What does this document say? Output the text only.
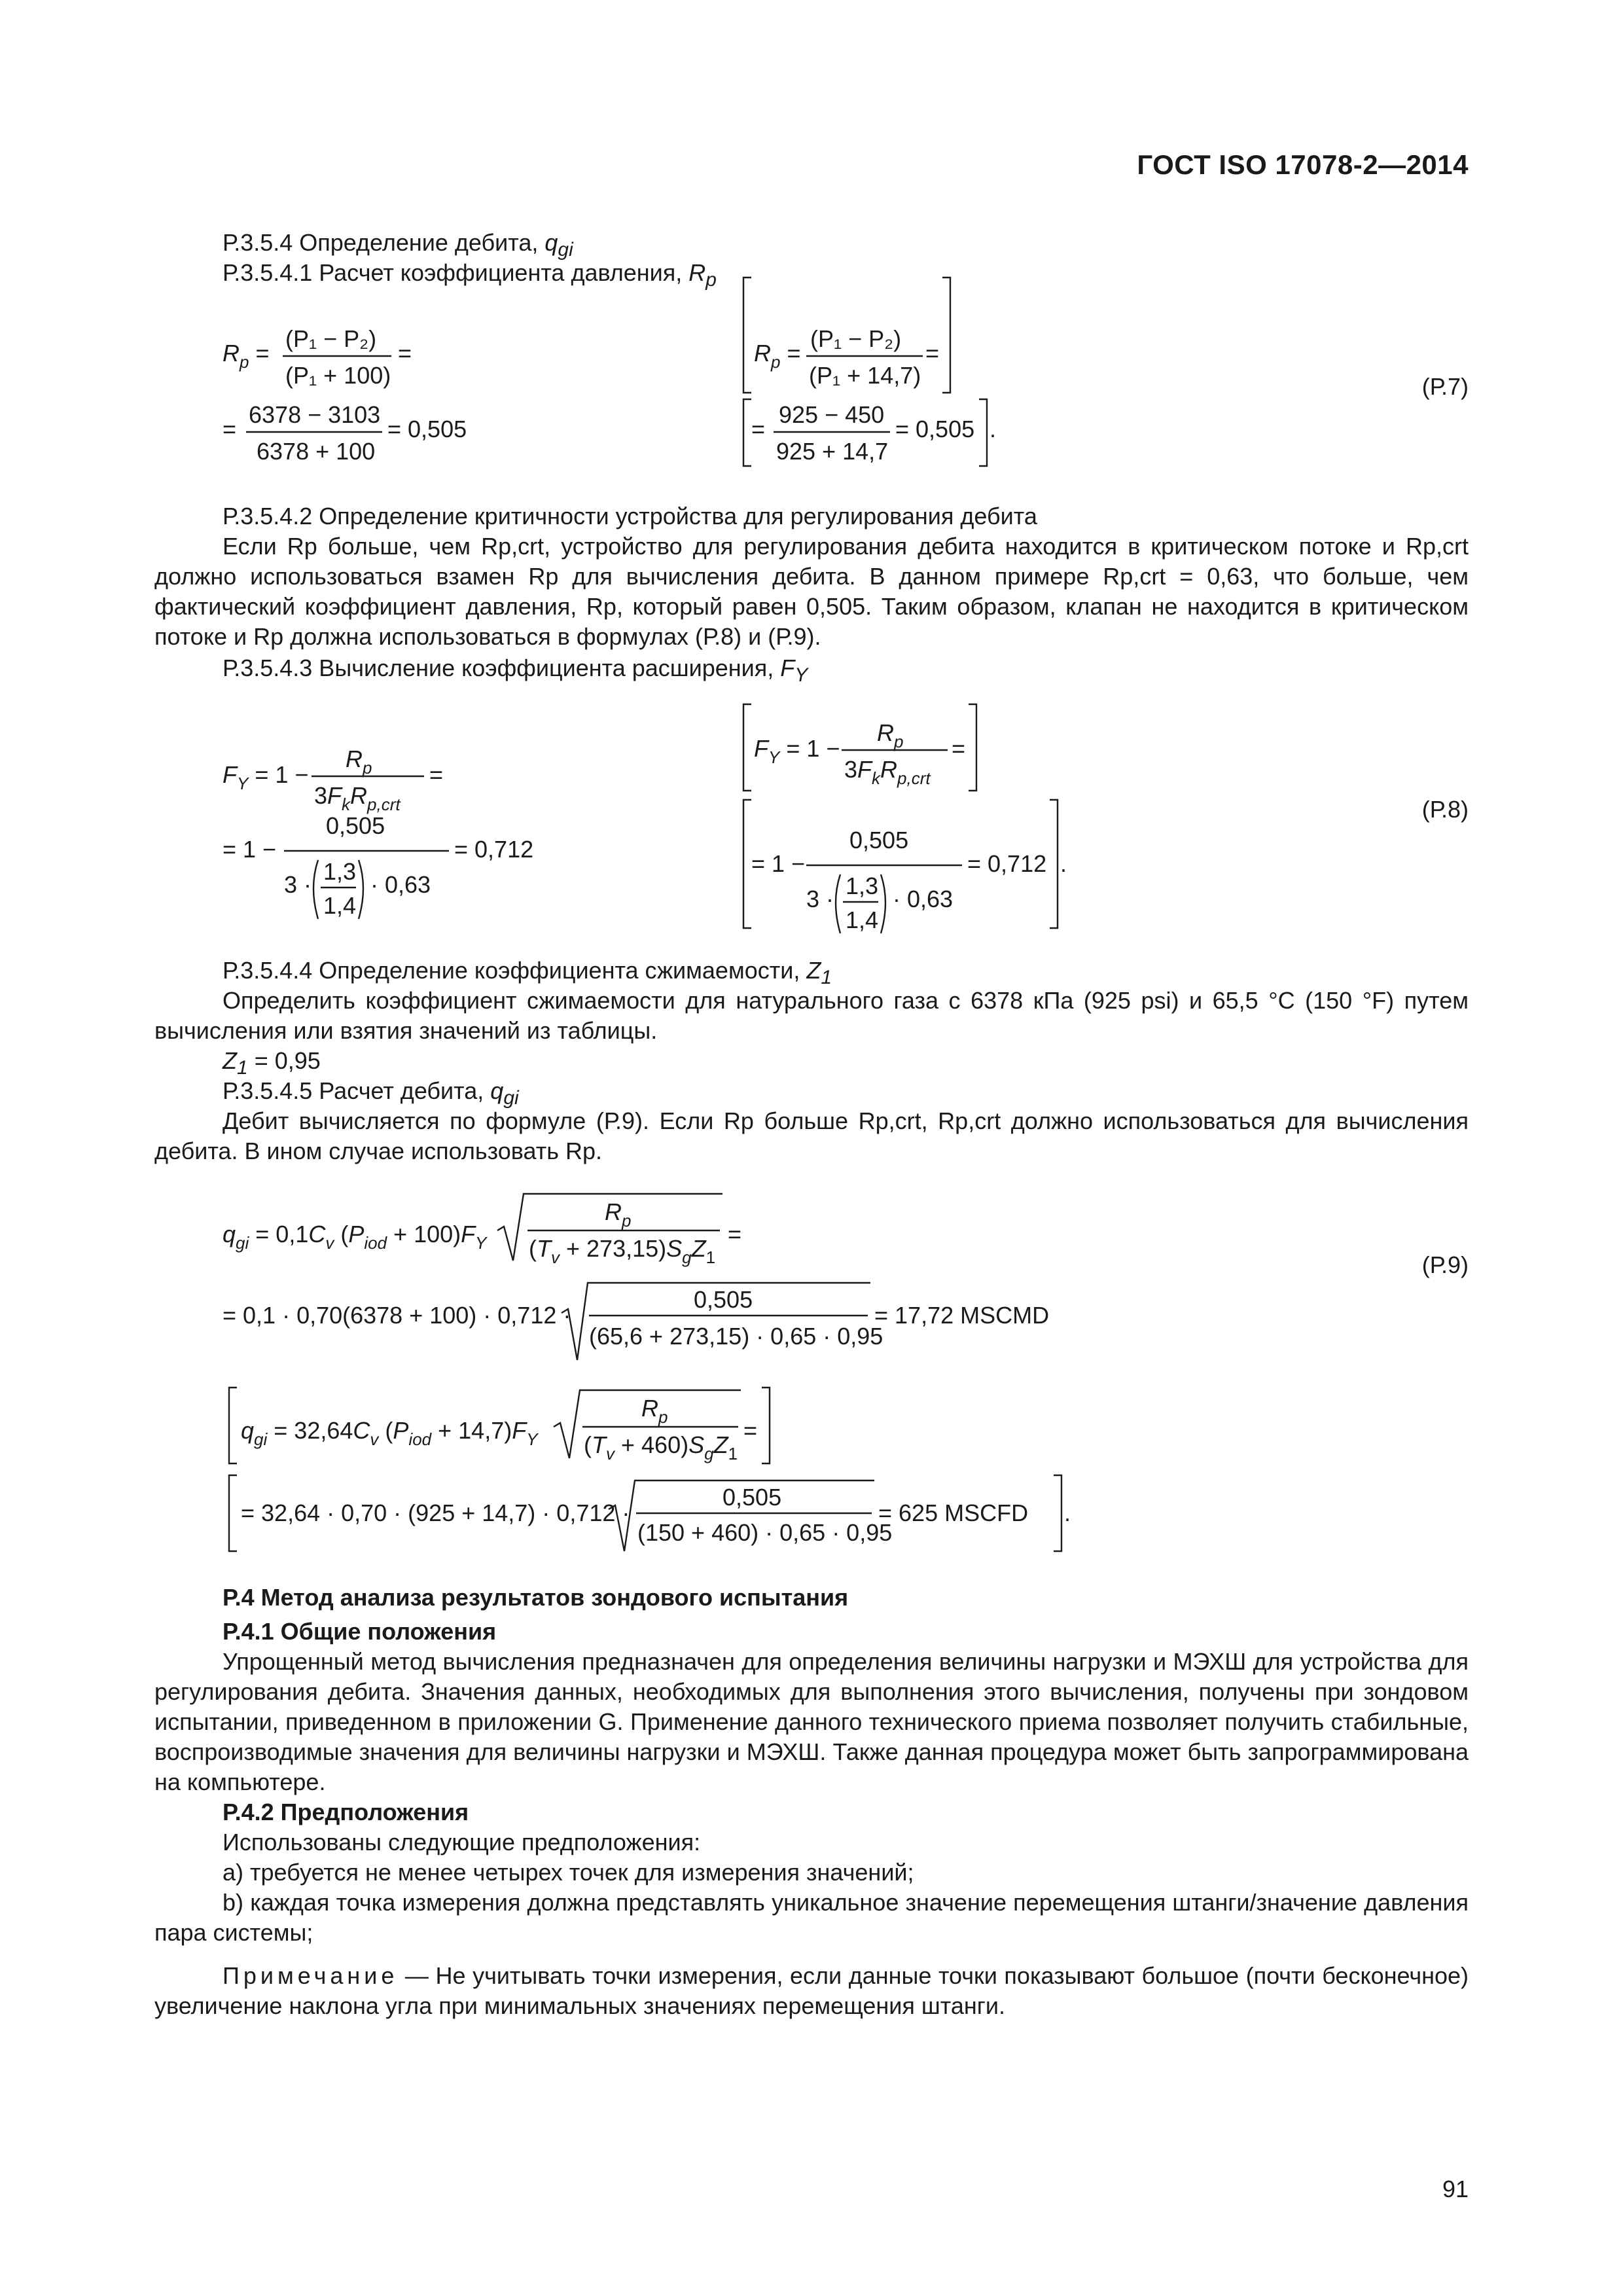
ГОСТ ISO 17078-2—2014
Р.3.5.4 Определение дебита, $q_{gi}$
Р.3.5.4.1 Расчет коэффициента давления, $R_p$
$R_p$ =
(P₁ − P₂)
(P₁ + 100)
=
=
6378 − 3103
6378 + 100
= 0,505
$R_p$ =
(P₁ − P₂)
(P₁ + 14,7)
=
=
925 − 450
925 + 14,7
= 0,505 .
(Р.7)
Р.3.5.4.2 Определение критичности устройства для регулирования дебита
Если Rp больше, чем Rp,crt, устройство для регулирования дебита находится в критическом потоке и Rp,crt должно использоваться взамен Rp для вычисления дебита. В данном примере Rp,crt = 0,63, что больше, чем фактический коэффициент давления, Rp, который равен 0,505. Таким образом, клапан не находится в критическом потоке и Rp должна использоваться в формулах (Р.8) и (Р.9).
Р.3.5.4.3 Вычисление коэффициента расширения, $F_Y$
$F_Y = 1$ −
$R_p$
$3F_kR_{p,crt}$
=
= 1 −
0,505
3 · 1,3
1,4
· 0,63
= 0,712
$F_Y = 1$ −
$R_p$
$3F_kR_{p,crt}$
=
= 1 −
0,505
3 · 1,3
1,4
· 0,63
= 0,712 .
(Р.8)
Р.3.5.4.4 Определение коэффициента сжимаемости, $Z_1$
Определить коэффициент сжимаемости для натурального газа с 6378 кПа (925 psi) и 65,5 °С (150 °F) путем вычисления или взятия значений из таблицы.
$Z_1 = 0,95$
Р.3.5.4.5 Расчет дебита, $q_{gi}$
Дебит вычисляется по формуле (Р.9). Если Rp больше Rp,crt, Rp,crt должно использоваться для вычисления дебита. В ином случае использовать Rp.
$q_{gi} = 0,1C_v$ $(P_{iod} + 100)F_Y$
$R_p$
$(T_v + 273,15)S_gZ_1$
=
= 0,1 · 0,70(6378 + 100) · 0,712 ·
0,505
(65,6 + 273,15) · 0,65 · 0,95
= 17,72 MSCMD
$q_{gi} = 32,64C_v$ $(P_{iod} + 14,7)F_Y$
$R_p$
$(T_v + 460)S_gZ_1$
=
= 32,64 · 0,70 · (925 + 14,7) · 0,712 ·
0,505
(150 + 460) · 0,65 · 0,95
= 625 MSCFD .
(Р.9)
Р.4 Метод анализа результатов зондового испытания
Р.4.1 Общие положения
Упрощенный метод вычисления предназначен для определения величины нагрузки и МЭХШ для устройства для регулирования дебита. Значения данных, необходимых для выполнения этого вычисления, получены при зондовом испытании, приведенном в приложении G. Применение данного технического приема позволяет получить стабильные, воспроизводимые значения для величины нагрузки и МЭХШ. Также данная процедура может быть запрограммирована на компьютере.
Р.4.2 Предположения
Использованы следующие предположения:
а) требуется не менее четырех точек для измерения значений;
b) каждая точка измерения должна представлять уникальное значение перемещения штанги/значение давления пара системы;
Примечание — Не учитывать точки измерения, если данные точки показывают большое (почти бесконечное) увеличение наклона угла при минимальных значениях перемещения штанги.
91
